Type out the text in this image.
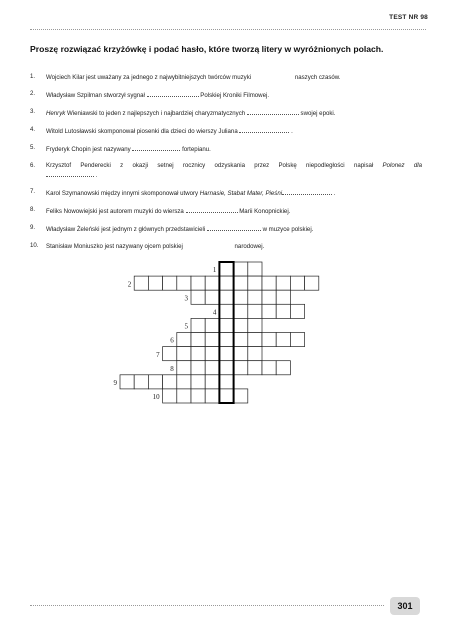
TEST NR 98
Proszę rozwiązać krzyżówkę i podać hasło, które tworzą litery w wyróżnionych polach.
1. Wojciech Kilar jest uważany za jednego z najwybitniejszych twórców muzyki	naszych czasów.
2. Władysław Szpilman stworzył sygnał	Polskiej Kroniki Filmowej.
3. Henryk Wieniawski to jeden z najlepszych i najbardziej charyzmatycznych	swojej epoki.
4. Witold Lutosławski skomponował piosenki dla dzieci do wierszy Juliana	.
5. Fryderyk Chopin jest nazywany	fortepianu.
6. Krzysztof Penderecki z okazji setnej rocznicy odzyskania przez Polskę niepodległości napisał Polonez dla
.
7. Karol Szymanowski między innymi skomponował utwory Harnasie, Stabat Mater, Pieśni	.
8. Feliks Nowowiejski jest autorem muzyki do wiersza	Marii Konopnickiej.
9. Władysław Żeleński jest jednym z głównych przedstawicieli	w muzyce polskiej.
10. Stanisław Moniuszko jest nazywany ojcem polskiej	narodowej.
1
2
3
4
5
6
7
8
9
10
301
